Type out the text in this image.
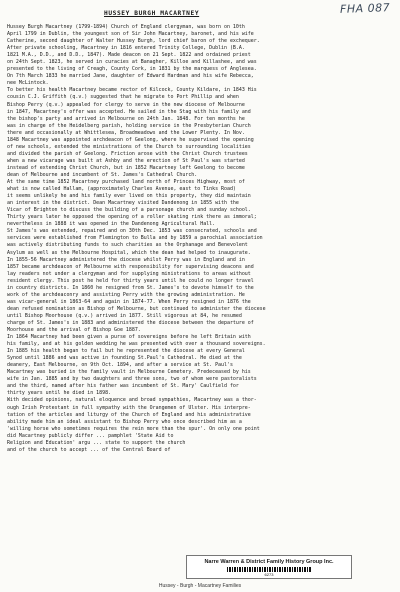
FHA 087
HUSSEY BURGH MACARTNEY
Hussey Burgh Macartney (1799-1894) Church of England clergyman, was born on 10th
April 1799 in Dublin, the youngest son of Sir John Macartney, baronet, and his wife
Catherine, second daughter of Walter Hussey Burgh, lord chief baron of the exchequer.
After private schooling, Macartney in 1816 entered Trinity College, Dublin (B.A.
1821 M.A., D.D., and D.D., 1847). Made deacon on 21 Sept. 1822 and ordained priest
on 24th Sept. 1823, he served in curacies at Banagher, Killoe and Killashee, and was
presented to the living of Creagh, County Cork, in 1831 by the marquess of Anglesea.
On 7th March 1833 he married Jane, daughter of Edward Hardman and his wife Rebecca,
nee McLintock.
To better his health Macartney became rector of Kilcock, County Kildare, in 1843 His
cousin C.J. Griffith (q.v.) suggested that he migrate to Port Phillip and when
Bishop Perry (q.v.) appealed for clergy to serve in the new diocese of Melbourne
in 1847, Macartney's offer was accepted. He sailed in the Stag with his family and
the bishop's party and arrived in Melbourne on 24th Jan. 1848. For ten months he
was in charge of the Heidelberg parish, holding service in the Presbyterian Church
there and occasionally at Whittlesea, Broadmeadows and the Lower Plenty. In Nov.
1848 Macartney was appointed archdeacon of Geelong, where he supervised the opening
of new schools, extended the ministrations of the Church to surrounding localities
and divided the parish of Geelong. Friction arose with the Christ Church trustees
when a new vicarage was built at Ashby and the erection of St Paul's was started
instead of extending Christ Church, but in 1852 Macartney left Geelong to become
dean of Melbourne and incumbent of St. James's Cathedral Church.
At the same time 1852 Macartney purchased land north of Princes Highway, most of
what is now called Hallam, (approximately Charles Avenue, east to Tinks Road)
it seems unlikely he and his family ever lived on this property, they did maintain
an interest in the district. Dean Macartney visited Dandenong in 1855 with the
Vicar of Brighton to discuss the building of a parsonage church and sunday school.
Thirty years later he opposed the opening of a roller skating rink there as immoral;
nevertheless in 1888 it was opened in the Dandenong Agricultural Hall.
St James's was extended, repaired and on 30th Dec. 1853 was consecrated, schools and
services were established from Flemington to Bulla and by 1859 a parochial association
was actively distributing funds to such charities as the Orphanage and Benevolent
Asylum as well as the Melbourne Hospital, which the dean had helped to inaugurate.
In 1855-56 Macartney administered the diocese whilst Perry was in England and in
1857 became archdeacon of Melbourne with responsibility for supervising deacons and
lay readers not under a clergyman and for supplying ministrations to areas without
resident clergy. This post he held for thirty years until he could no longer travel
in country districts. In 1860 he resigned from St. James's to devote himself to the
work of the archdeaconry and assisting Perry with the growing administration. He
was vicar-general in 1863-64 and again in 1874-77. When Perry resigned in 1876 the
dean refused nomination as Bishop of Melbourne, but continued to administer the diocese
until Bishop Moorhouse (q.v.) arrived in 1877. Still vigorous at 84, he resumed
charge of St. James's in 1883 and administered the diocese between the departure of
Moorhouse and the arrival of Bishop Goe 1887.
In 1864 Macartney had been given a purse of sovereigns before he left Britain with
his family, and at his golden wedding he was presented with over a thousand sovereigns.
In 1885 his health began to fail but he represented the diocese at every General
Synod until 1886 and was active in founding St.Paul's Cathedral. He died at the
deanery, East Melbourne, on 9th Oct. 1894, and after a service at St. Paul's
Macartney was buried in the family vault in Melbourne Cemetery. Predeceased by his
wife in Jan. 1885 and by two daughters and three sons, two of whom were pastoralists
and the third, named after his father was incumbent of St. Mary' Caulfield for
thirty years until he died in 1898.
With decided opinions, natural eloquence and broad sympathies, Macartney was a thor-
ough Irish Protestant in full sympathy with the Orangemen of Ulster. His interpre-
tation of the articles and liturgy of the Church of England and his administrative
ability made him an ideal assistant to Bishop Perry who once described him as a
'willing horse who sometimes requires the rein more than the spur'. On only one point
did Macartney publicly differ ... pamphlet 'State Aid to
Religion and Education' argu ... state to support the church
and of the church to accept ... of the Central Board of
Narre Warren & District Family History Group Inc.
6273
Hussey - Burgh - Macartney Families
